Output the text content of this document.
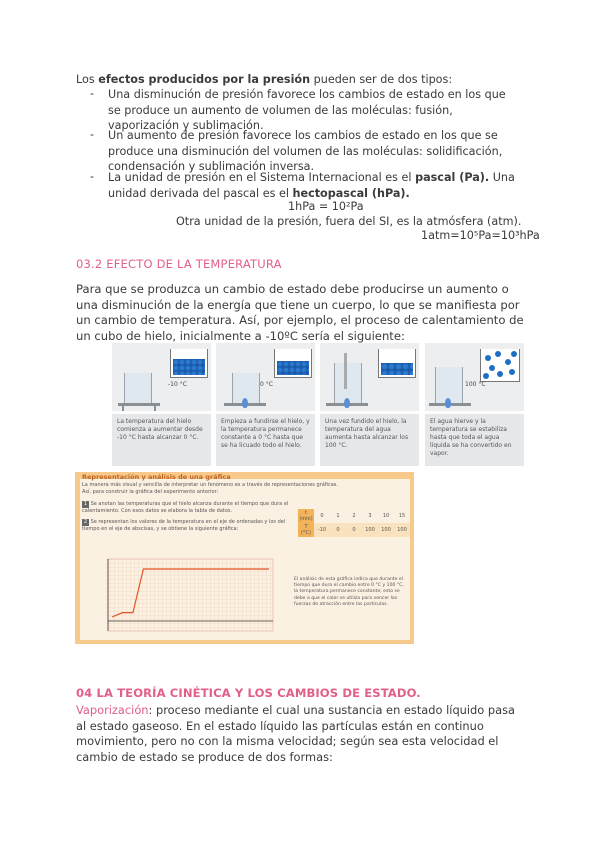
Los efectos producidos por la presión pueden ser de dos tipos:
- Una disminución de presión favorece los cambios de estado en los que
se produce un aumento de volumen de las moléculas: fusión,
vaporización y sublimación.
- Un aumento de presión favorece los cambios de estado en los que se
produce una disminución del volumen de las moléculas: solidificación,
condensación y sublimación inversa.
- La unidad de presión en el Sistema Internacional es el pascal (Pa). Una
unidad derivada del pascal es el hectopascal (hPa).
1hPa = 10²Pa
Otra unidad de la presión, fuera del SI, es la atmósfera (atm).
1atm=10⁵Pa=10³hPa
03.2 EFECTO DE LA TEMPERATURA
Para que se produzca un cambio de estado debe producirse un aumento o
una disminución de la energía que tiene un cuerpo, lo que se manifiesta por
un cambio de temperatura. Así, por ejemplo, el proceso de calentamiento de
un cubo de hielo, inicialmente a -10ºC sería el siguiente:
-10 °C	0 °C	100 °C
La temperatura del hielo comienza a aumentar desde -10 °C hasta alcanzar 0 °C.
Empieza a fundirse el hielo, y la temperatura permanece constante a 0 °C hasta que se ha licuado todo el hielo.
Una vez fundido el hielo, la temperatura del agua aumenta hasta alcanzar los 100 °C.
El agua hierve y la temperatura se estabiliza hasta que toda el agua líquida se ha convertido en vapor.
Representación y análisis de una gráfica
La manera más visual y sencilla de interpretar un fenómeno es a través de representaciones gráficas. Así, para construir la gráfica del experimento anterior:
1 Se anotan las temperaturas que el hielo alcanza durante el tiempo que dura el calentamiento. Con esos datos se elabora la tabla de datos.
2 Se representan los valores de la temperatura en el eje de ordenadas y los del tiempo en el eje de abscisas, y se obtiene la siguiente gráfica:
t (min)	0	1	2	3	10	15
T (°C)	-10	0	0	100	100	100
El análisis de esta gráfica indica que durante el tiempo que dura el cambio entre 0 °C y 100 °C, la temperatura permanece constante; esto se debe a que el calor se utiliza para vencer las fuerzas de atracción entre las partículas.
04 LA TEORÍA CINÉTICA Y LOS CAMBIOS DE ESTADO.
Vaporización: proceso mediante el cual una sustancia en estado líquido pasa
al estado gaseoso. En el estado líquido las partículas están en continuo
movimiento, pero no con la misma velocidad; según sea esta velocidad el
cambio de estado se produce de dos formas:
